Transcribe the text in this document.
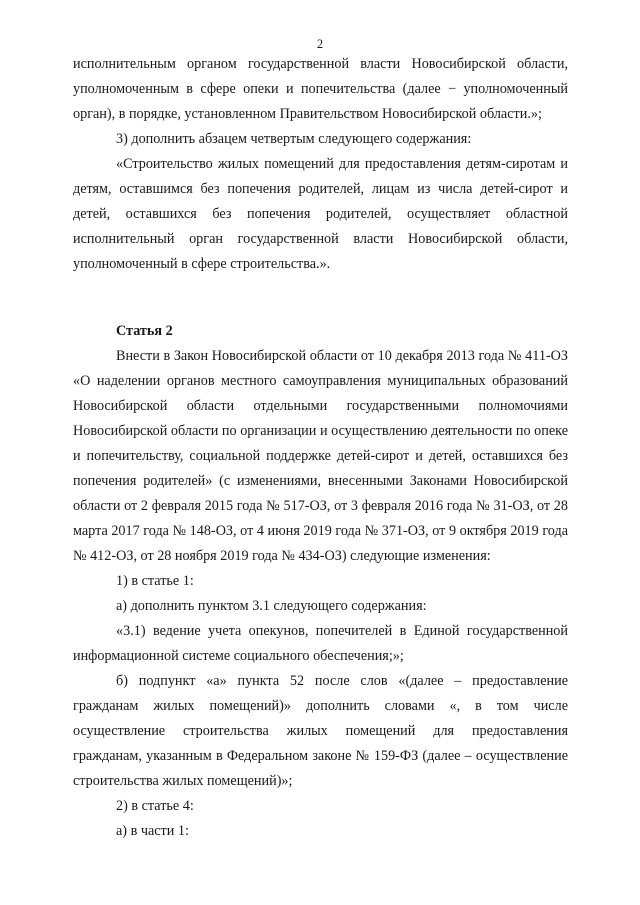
2

исполнительным органом государственной власти Новосибирской области, уполномоченным в сфере опеки и попечительства (далее − уполномоченный орган), в порядке, установленном Правительством Новосибирской области.»;

3) дополнить абзацем четвертым следующего содержания:

«Строительство жилых помещений для предоставления детям-сиротам и детям, оставшимся без попечения родителей, лицам из числа детей-сирот и детей, оставшихся без попечения родителей, осуществляет областной исполнительный орган государственной власти Новосибирской области, уполномоченный в сфере строительства.».

Статья 2

Внести в Закон Новосибирской области от 10 декабря 2013 года № 411-ОЗ «О наделении органов местного самоуправления муниципальных образований Новосибирской области отдельными государственными полномочиями Новосибирской области по организации и осуществлению деятельности по опеке и попечительству, социальной поддержке детей-сирот и детей, оставшихся без попечения родителей» (с изменениями, внесенными Законами Новосибирской области от 2 февраля 2015 года № 517-ОЗ, от 3 февраля 2016 года № 31-ОЗ, от 28 марта 2017 года № 148-ОЗ, от 4 июня 2019 года № 371-ОЗ, от 9 октября 2019 года № 412-ОЗ, от 28 ноября 2019 года № 434-ОЗ) следующие изменения:

1) в статье 1:

а) дополнить пунктом 3.1 следующего содержания:

«3.1) ведение учета опекунов, попечителей в Единой государственной информационной системе социального обеспечения;»;

б) подпункт «а» пункта 52 после слов «(далее – предоставление гражданам жилых помещений)» дополнить словами «, в том числе осуществление строительства жилых помещений для предоставления гражданам, указанным в Федеральном законе № 159-ФЗ (далее – осуществление строительства жилых помещений)»;

2) в статье 4:

а) в части 1:
